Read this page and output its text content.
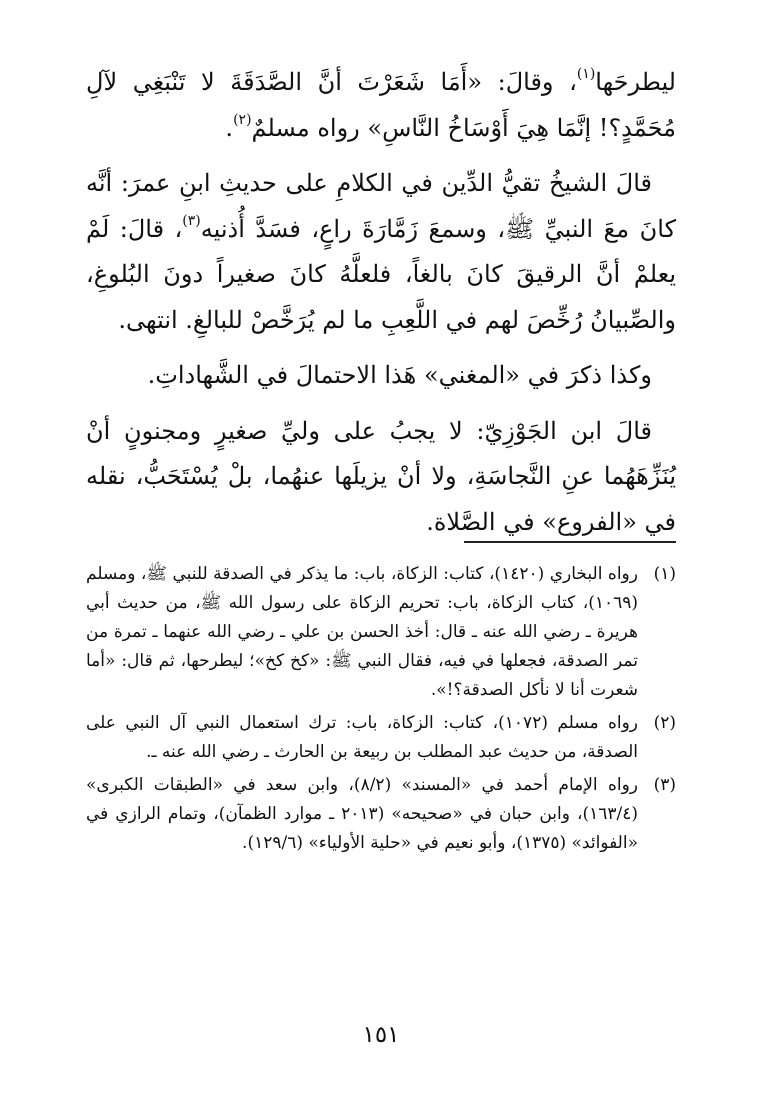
ليطرحَها$^{(١)}$، وقالَ: «أَمَا شَعَرْتَ أنَّ الصَّدَقَةَ لا تَنْبَغِي لآلِ مُحَمَّدٍ؟! إنَّمَا هِيَ أَوْسَاخُ النَّاسِ» رواه مسلمٌ$^{(٢)}$.

قالَ الشيخُ تقيُّ الدِّين في الكلامِ على حديثِ ابنِ عمرَ: أنَّه كانَ معَ النبيِّ ﷺ، وسمعَ زَمَّارَةَ راعٍ، فسَدَّ أُذنيه$^{(٣)}$، قالَ: لَمْ يعلمْ أنَّ الرقيقَ كانَ بالغاً، فلعلَّهُ كانَ صغيراً دونَ البُلوغِ، والصِّبيانُ رُخِّصَ لهم في اللَّعِبِ ما لم يُرَخَّصْ للبالغِ. انتهى.

وكذا ذكرَ في «المغني» هَذا الاحتمالَ في الشَّهاداتِ.

قالَ ابن الجَوْزِيّ: لا يجبُ على وليِّ صغيرٍ ومجنونٍ أنْ يُنَزِّهَهُما عنِ النَّجاسَةِ، ولا أنْ يزيلَها عنهُما، بلْ يُسْتَحَبُّ، نقله في «الفروع» في الصَّلاة.

(١)
رواه البخاري (١٤٢٠)، كتاب: الزكاة، باب: ما يذكر في الصدقة للنبي ﷺ، ومسلم (١٠٦٩)، كتاب الزكاة، باب: تحريم الزكاة على رسول الله ﷺ، من حديث أبي هريرة ـ رضي الله عنه ـ قال: أخذ الحسن بن علي ـ رضي الله عنهما ـ تمرة من تمر الصدقة، فجعلها في فيه، فقال النبي ﷺ: «كخ كخ»؛ ليطرحها، ثم قال: «أما شعرت أنا لا نأكل الصدقة؟!».
(٢)
رواه مسلم (١٠٧٢)، كتاب: الزكاة، باب: ترك استعمال النبي آل النبي على الصدقة، من حديث عبد المطلب بن ربيعة بن الحارث ـ رضي الله عنه ـ.
(٣)
رواه الإمام أحمد في «المسند» (٨/٢)، وابن سعد في «الطبقات الكبرى» (١٦٣/٤)، وابن حبان في «صحيحه» (٢٠١٣ ـ موارد الظمآن)، وتمام الرازي في «الفوائد» (١٣٧٥)، وأبو نعيم في «حلية الأولياء» (١٢٩/٦).
١٥١
